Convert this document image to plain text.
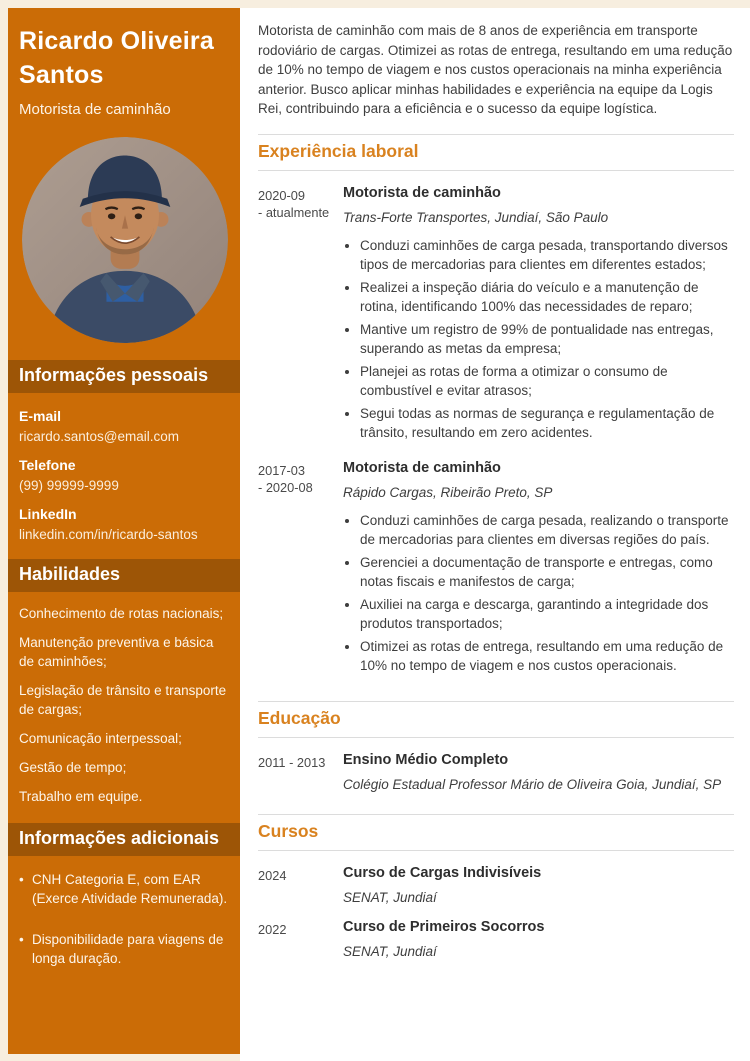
Ricardo Oliveira Santos
Motorista de caminhão
Informações pessoais
E-mail
ricardo.santos@email.com
Telefone
(99) 99999-9999
LinkedIn
linkedin.com/in/ricardo-santos
Habilidades
Conhecimento de rotas nacionais;
Manutenção preventiva e básica de caminhões;
Legislação de trânsito e transporte de cargas;
Comunicação interpessoal;
Gestão de tempo;
Trabalho em equipe.
Informações adicionais
• CNH Categoria E, com EAR (Exerce Atividade Remunerada).
• Disponibilidade para viagens de longa duração.

Motorista de caminhão com mais de 8 anos de experiência em transporte rodoviário de cargas. Otimizei as rotas de entrega, resultando em uma redução de 10% no tempo de viagem e nos custos operacionais na minha experiência anterior. Busco aplicar minhas habilidades e experiência na equipe da Logis Rei, contribuindo para a eficiência e o sucesso da equipe logística.

Experiência laboral
2020-09
- atualmente
Motorista de caminhão
Trans-Forte Transportes, Jundiaí, São Paulo
• Conduzi caminhões de carga pesada, transportando diversos tipos de mercadorias para clientes em diferentes estados;
• Realizei a inspeção diária do veículo e a manutenção de rotina, identificando 100% das necessidades de reparo;
• Mantive um registro de 99% de pontualidade nas entregas, superando as metas da empresa;
• Planejei as rotas de forma a otimizar o consumo de combustível e evitar atrasos;
• Segui todas as normas de segurança e regulamentação de trânsito, resultando em zero acidentes.
2017-03
- 2020-08
Motorista de caminhão
Rápido Cargas, Ribeirão Preto, SP
• Conduzi caminhões de carga pesada, realizando o transporte de mercadorias para clientes em diversas regiões do país.
• Gerenciei a documentação de transporte e entregas, como notas fiscais e manifestos de carga;
• Auxiliei na carga e descarga, garantindo a integridade dos produtos transportados;
• Otimizei as rotas de entrega, resultando em uma redução de 10% no tempo de viagem e nos custos operacionais.
Educação
2011 - 2013	Ensino Médio Completo
Colégio Estadual Professor Mário de Oliveira Goia, Jundiaí, SP
Cursos
2024	Curso de Cargas Indivisíveis
SENAT, Jundiaí
2022	Curso de Primeiros Socorros
SENAT, Jundiaí
